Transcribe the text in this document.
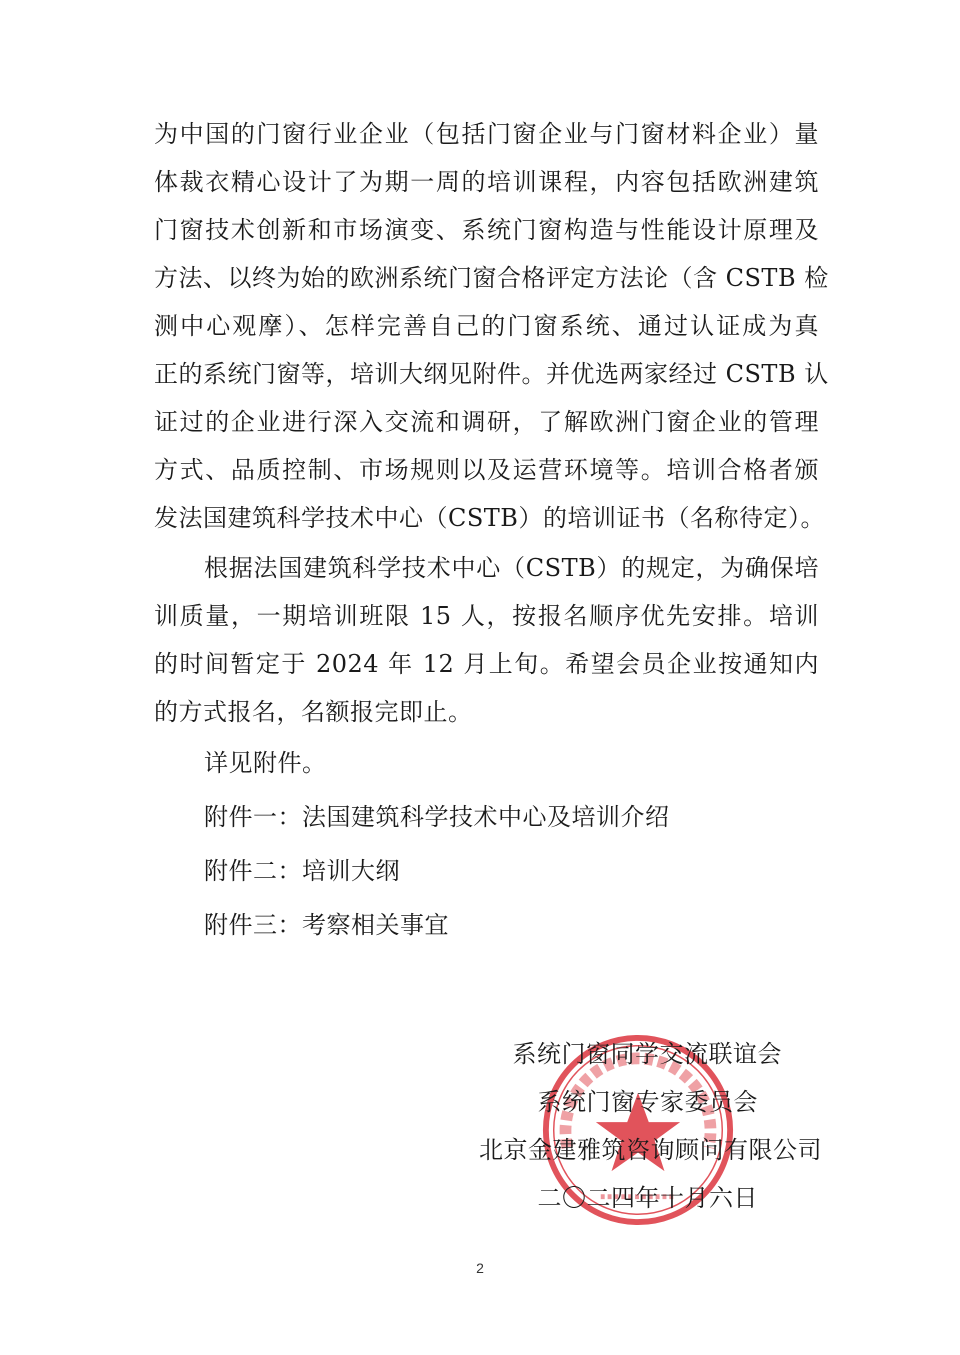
为中国的门窗行业企业（包括门窗企业与门窗材料企业）量
体裁衣精心设计了为期一周的培训课程，内容包括欧洲建筑
门窗技术创新和市场演变、系统门窗构造与性能设计原理及
方法、以终为始的欧洲系统门窗合格评定方法论（含 CSTB 检
测中心观摩）、怎样完善自己的门窗系统、通过认证成为真
正的系统门窗等，培训大纲见附件。并优选两家经过 CSTB 认
证过的企业进行深入交流和调研，了解欧洲门窗企业的管理
方式、品质控制、市场规则以及运营环境等。培训合格者颁
发法国建筑科学技术中心（CSTB）的培训证书（名称待定）。
根据法国建筑科学技术中心（CSTB）的规定，为确保培
训质量，一期培训班限 15 人，按报名顺序优先安排。培训
的时间暂定于 2024 年 12 月上旬。希望会员企业按通知内
的方式报名，名额报完即止。
详见附件。
附件一：法国建筑科学技术中心及培训介绍
附件二：培训大纲
附件三：考察相关事宜
系统门窗同学交流联谊会
系统门窗专家委员会
北京金建雅筑咨询顾问有限公司
二〇二四年十月六日
2
